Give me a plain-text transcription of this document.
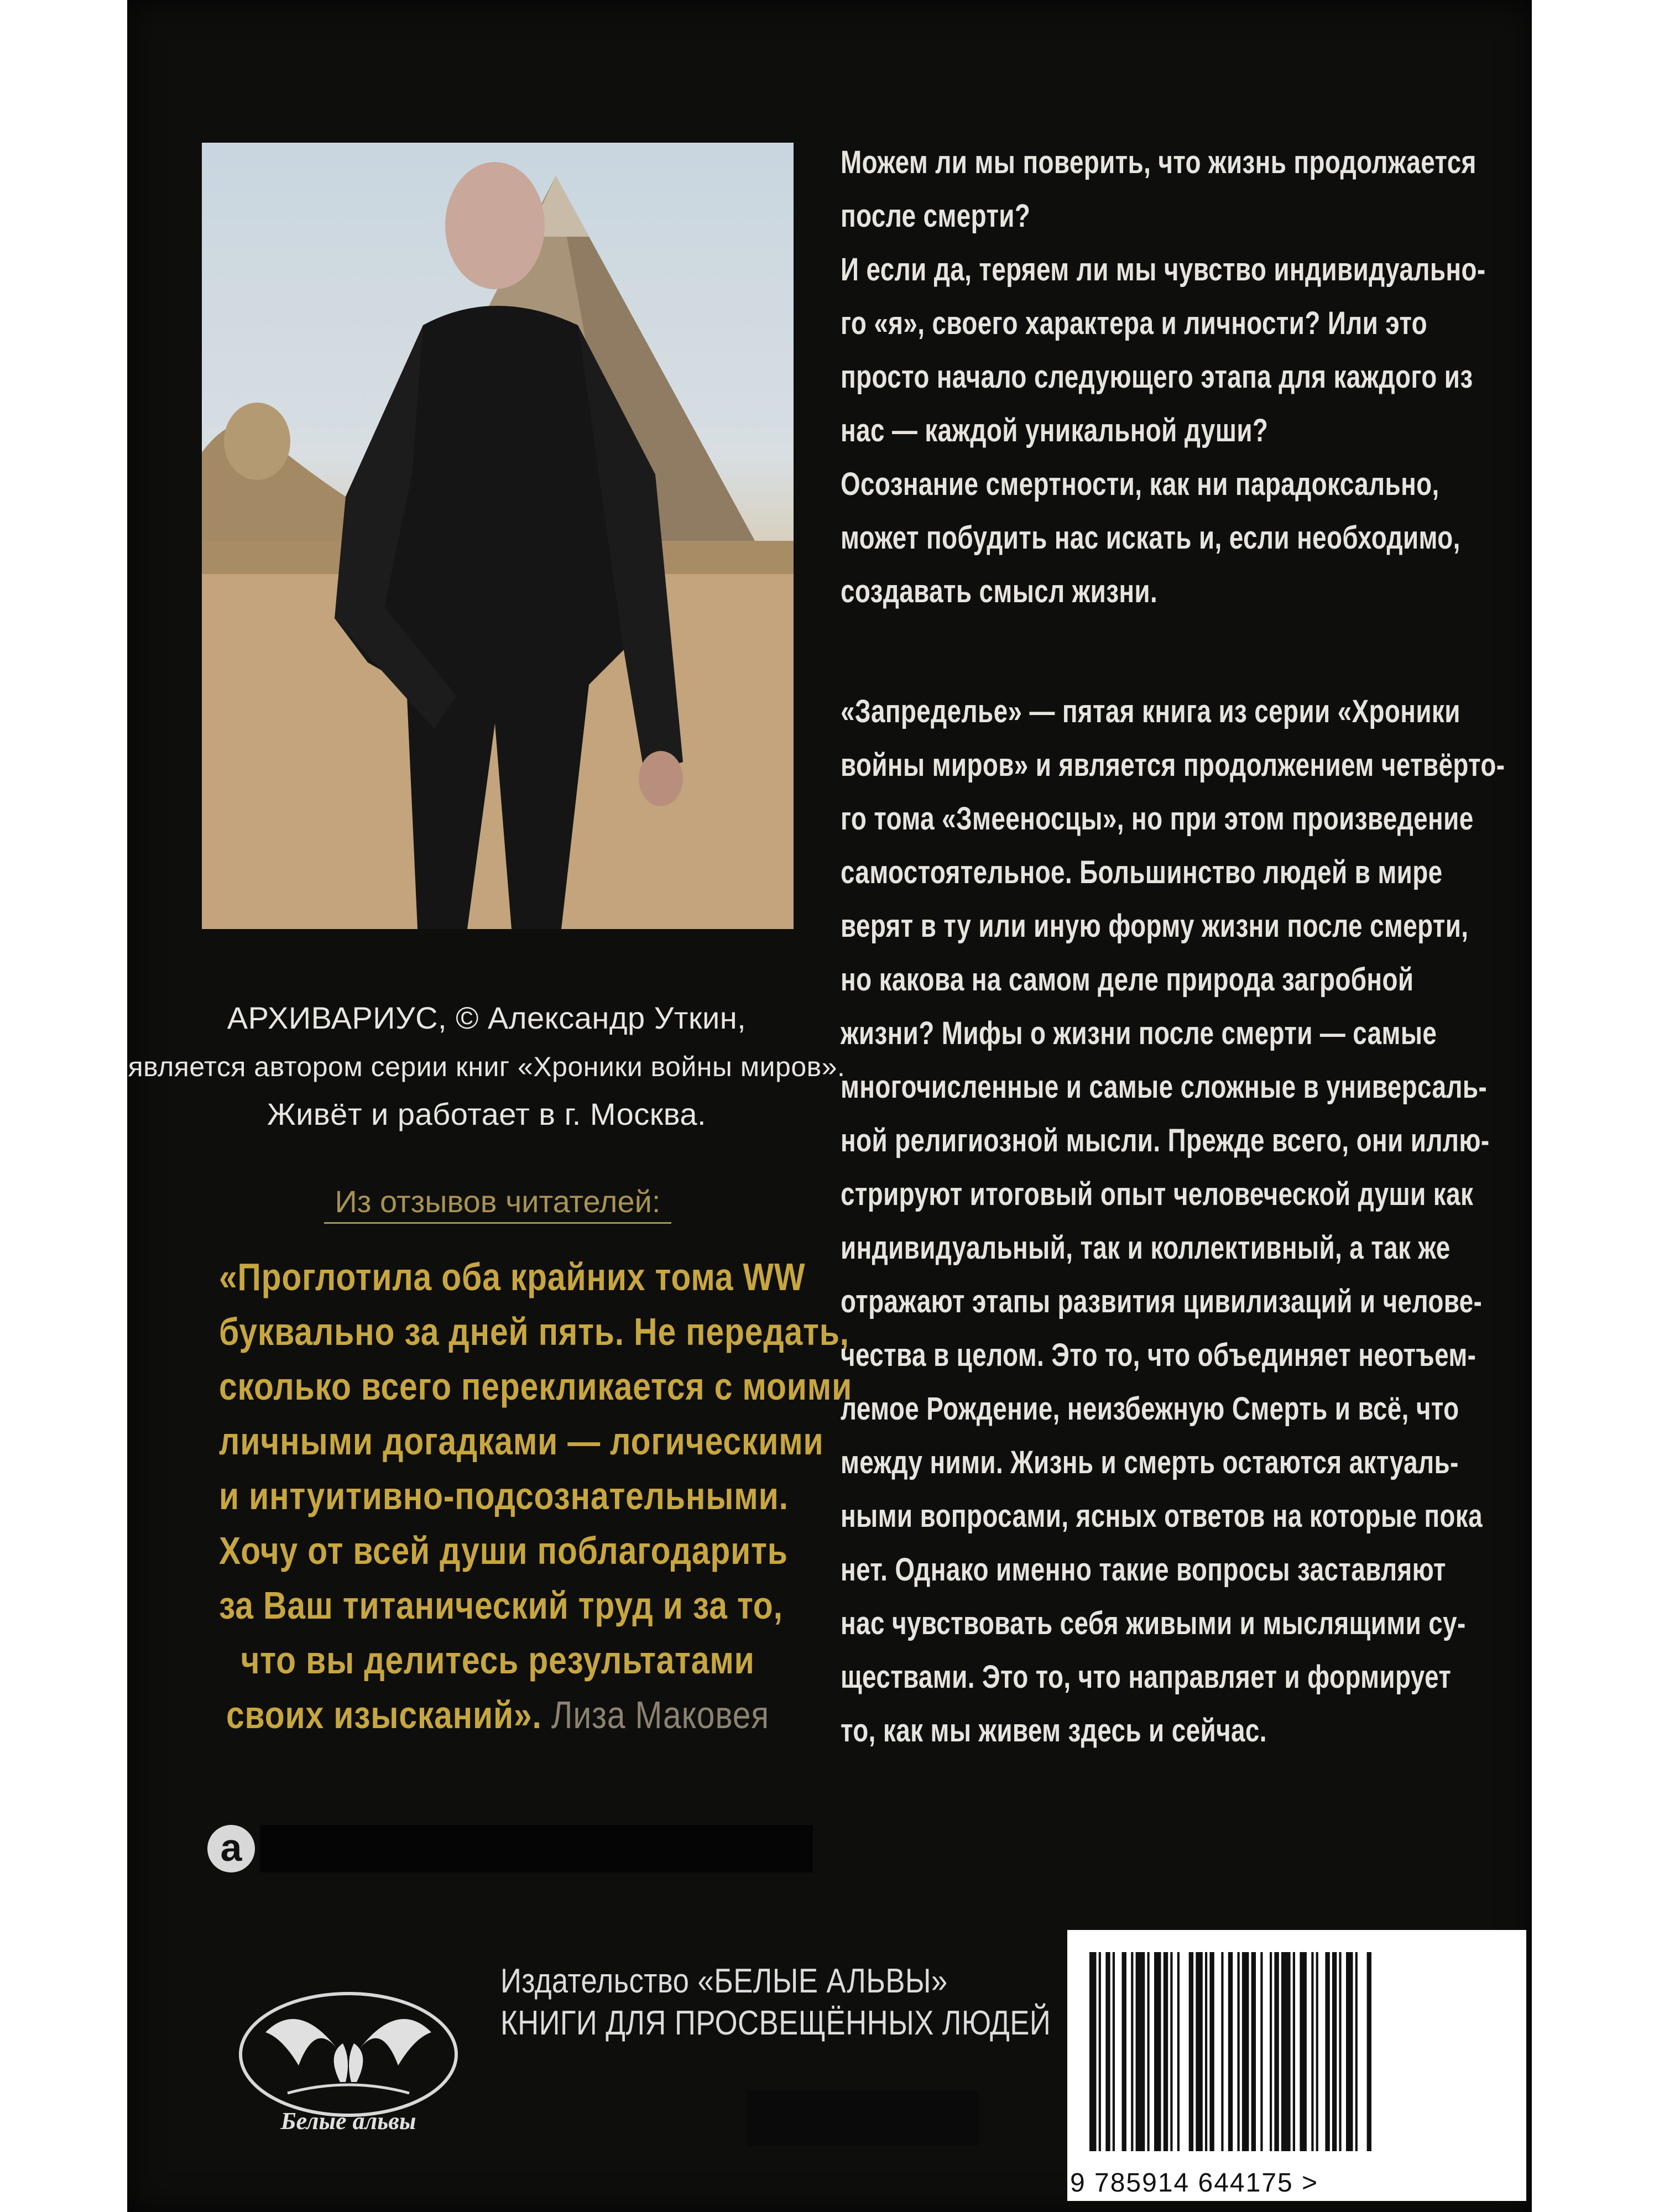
АРХИВАРИУС, © Александр Уткин,
является автором серии книг «Хроники войны миров».
Живёт и работает в г. Москва.
Из отзывов читателей:
«Проглотила оба крайних тома WW
буквально за дней пять. Не передать,
сколько всего перекликается с моими
личными догадками — логическими
и интуитивно-подсознательными.
Хочу от всей души поблагодарить
за Ваш титанический труд и за то,
что вы делитесь результатами
своих изысканий». Лиза Маковея
Можем ли мы поверить, что жизнь продолжается
после смерти?
И если да, теряем ли мы чувство индивидуально-
го «я», своего характера и личности? Или это
просто начало следующего этапа для каждого из
нас — каждой уникальной души?
Осознание смертности, как ни парадоксально,
может побудить нас искать и, если необходимо,
создавать смысл жизни.
«Запределье» — пятая книга из серии «Хроники
войны миров» и является продолжением четвёрто-
го тома «Змееносцы», но при этом произведение
самостоятельное. Большинство людей в мире
верят в ту или иную форму жизни после смерти,
но какова на самом деле природа загробной
жизни? Мифы о жизни после смерти — самые
многочисленные и самые сложные в универсаль-
ной религиозной мысли. Прежде всего, они иллю-
стрируют итоговый опыт человеческой души как
индивидуальный, так и коллективный, а так же
отражают этапы развития цивилизаций и челове-
чества в целом. Это то, что объединяет неотъем-
лемое Рождение, неизбежную Смерть и всё, что
между ними. Жизнь и смерть остаются актуаль-
ными вопросами, ясных ответов на которые пока
нет. Однако именно такие вопросы заставляют
нас чувствовать себя живыми и мыслящими су-
ществами. Это то, что направляет и формирует
то, как мы живем здесь и сейчас.
a
Белые альвы
Издательство «БЕЛЫЕ АЛЬВЫ»
КНИГИ ДЛЯ ПРОСВЕЩЁННЫХ ЛЮДЕЙ
9 785914 644175 >
